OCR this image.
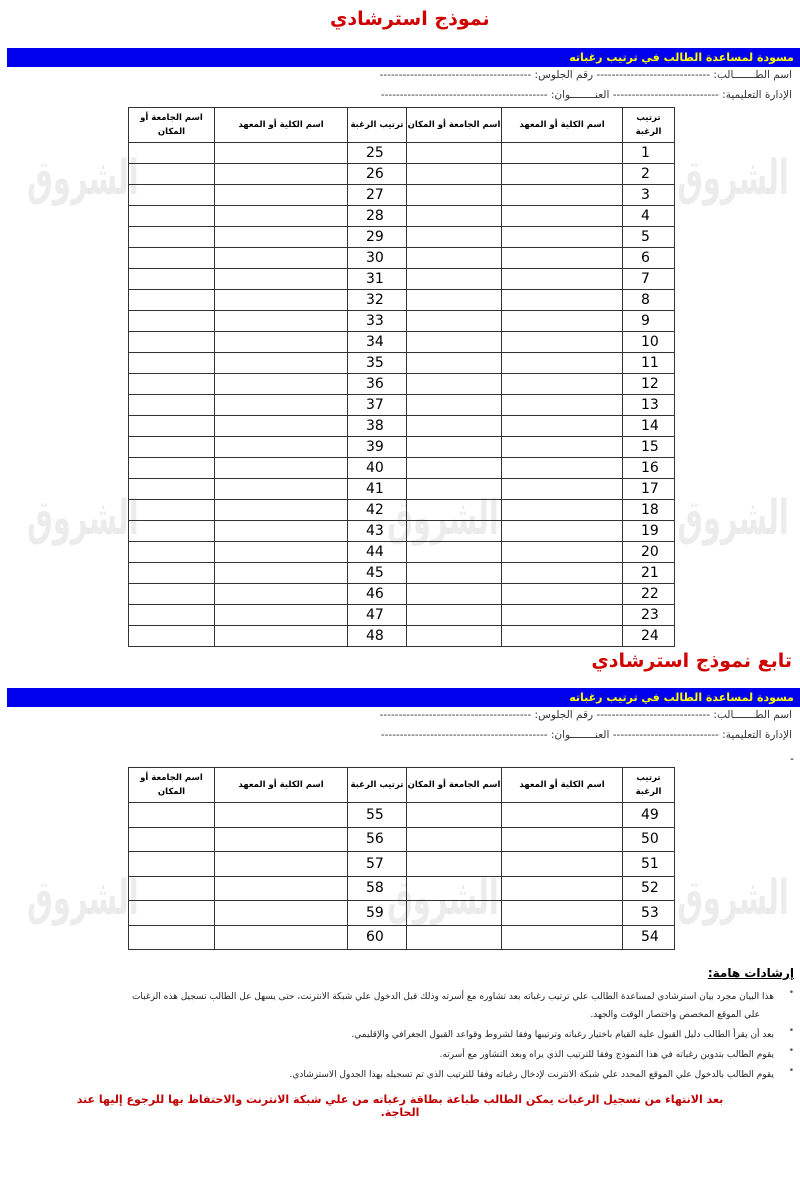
الشروق
الشروق
الشروق
الشروق
الشروق
الشروق
الشروق
الشروق
نموذج استرشادي
مسودة لمساعدة الطالب في ترتيب رغباته
اسم الطـــــــالب: ------------------------------ رقم الجلوس: ----------------------------------------
الإدارة التعليمية: ---------------------------- العنــــــــوان: --------------------------------------------
ترتيب الرغبة	اسم الكلية أو المعهد	اسم الجامعة أو المكان	ترتيب الرغبة	اسم الكلية أو المعهد	اسم الجامعة أو المكان
1			25		
2			26		
3			27		
4			28		
5			29		
6			30		
7			31		
8			32		
9			33		
10			34		
11			35		
12			36		
13			37		
14			38		
15			39		
16			40		
17			41		
18			42		
19			43		
20			44		
21			45		
22			46		
23			47		
24			48		
تابع نموذج استرشادي
مسودة لمساعدة الطالب في ترتيب رغباته
اسم الطـــــــالب: ------------------------------ رقم الجلوس: ----------------------------------------
الإدارة التعليمية: ---------------------------- العنــــــــوان: --------------------------------------------
-
ترتيب الرغبة	اسم الكلية أو المعهد	اسم الجامعة أو المكان	ترتيب الرغبة	اسم الكلية أو المعهد	اسم الجامعة أو المكان
49			55		
50			56		
51			57		
52			58		
53			59		
54			60		
إرشادات هامة:
•
هذا البيان مجرد بيان استرشادي لمساعدة الطالب علي ترتيب رغباته بعد تشاوره مع أسرته وذلك قبل الدخول علي شبكة الانترنت، حتى يسهل عل الطالب تسجيل هذه الرغبات
علي الموقع المخصص واختصار الوقت والجهد.
•
بعد أن يقرأ الطالب دليل القبول عليه القيام باختيار رغباته وترتيبها وفقا لشروط وقواعد القبول الجغرافي والإقليمي.
•
يقوم الطالب بتدوين رغباته في هذا النموذج وفقا للترتيب الذي يراه وبعد التشاور مع أسرته.
•
يقوم الطالب بالدخول علي الموقع المحدد علي شبكة الانترنت لإدخال رغباته وفقا للترتيب الذي تم تسجيله بهذا الجدول الاسترشادي.
بعد الانتهاء من تسجيل الرغبات يمكن الطالب طباعة بطاقة رغباته من علي شبكة الانترنت والاحتفاظ بها للرجوع إليها عند الحاجة.
